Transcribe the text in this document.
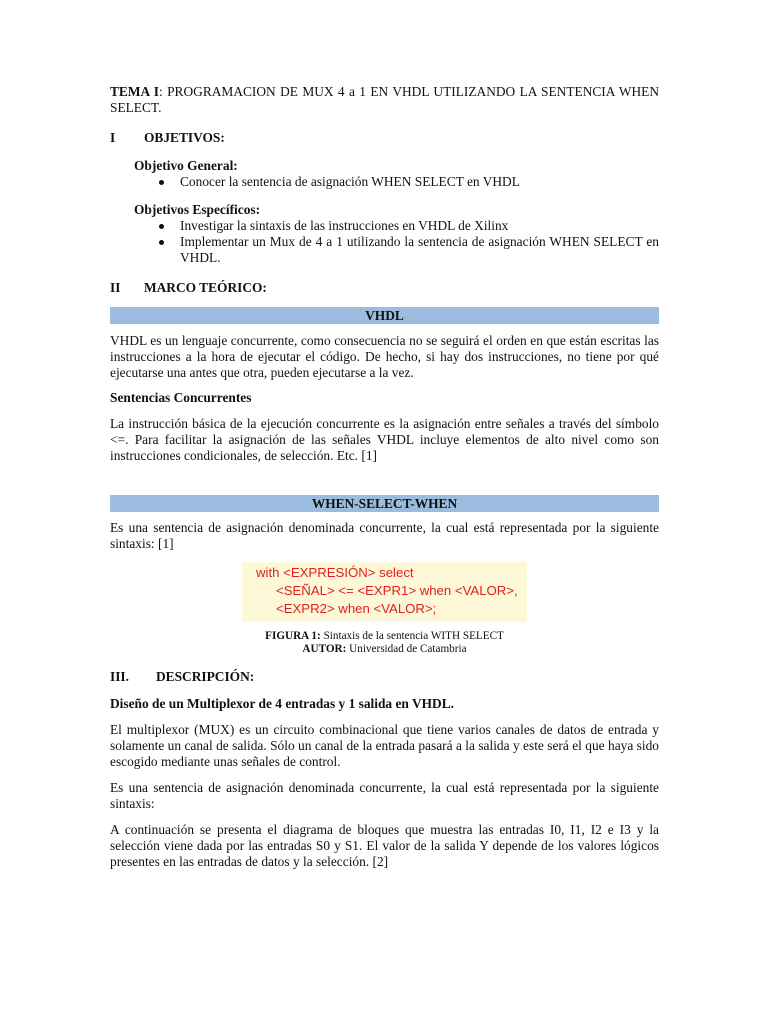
TEMA I: PROGRAMACION DE MUX 4 a 1 EN VHDL UTILIZANDO LA SENTENCIA WHEN SELECT.

I	OBJETIVOS:
Objetivo General:
Conocer la sentencia de asignación WHEN SELECT en VHDL
Objetivos Específicos:
Investigar la sintaxis de las instrucciones en VHDL de Xilinx
Implementar un Mux de 4 a 1 utilizando la sentencia de asignación WHEN SELECT en VHDL.
II	MARCO TEÓRICO:
VHDL

VHDL es un lenguaje concurrente, como consecuencia no se seguirá el orden en que están escritas las instrucciones a la hora de ejecutar el código. De hecho, si hay dos instrucciones, no tiene por qué ejecutarse una antes que otra, pueden ejecutarse a la vez.

Sentencias Concurrentes

La instrucción básica de la ejecución concurrente es la asignación entre señales a través del símbolo <=. Para facilitar la asignación de las señales VHDL incluye elementos de alto nivel como son instrucciones condicionales, de selección. Etc. [1]

WHEN-SELECT-WHEN

Es una sentencia de asignación denominada concurrente, la cual está representada por la siguiente sintaxis: [1]

with <EXPRESIÓN> select
<SEÑAL> <= <EXPR1> when <VALOR>,
<EXPR2> when <VALOR>;
FIGURA 1: Sintaxis de la sentencia WITH SELECT
AUTOR: Universidad de Catambria
III.	DESCRIPCIÓN:

Diseño de un Multiplexor de 4 entradas y 1 salida en VHDL.

El multiplexor (MUX) es un circuito combinacional que tiene varios canales de datos de entrada y solamente un canal de salida. Sólo un canal de la entrada pasará a la salida y este será el que haya sido escogido mediante unas señales de control.

Es una sentencia de asignación denominada concurrente, la cual está representada por la siguiente sintaxis:

A continuación se presenta el diagrama de bloques que muestra las entradas I0, I1, I2 e I3 y la selección viene dada por las entradas S0 y S1. El valor de la salida Y depende de los valores lógicos presentes en las entradas de datos y la selección. [2]
